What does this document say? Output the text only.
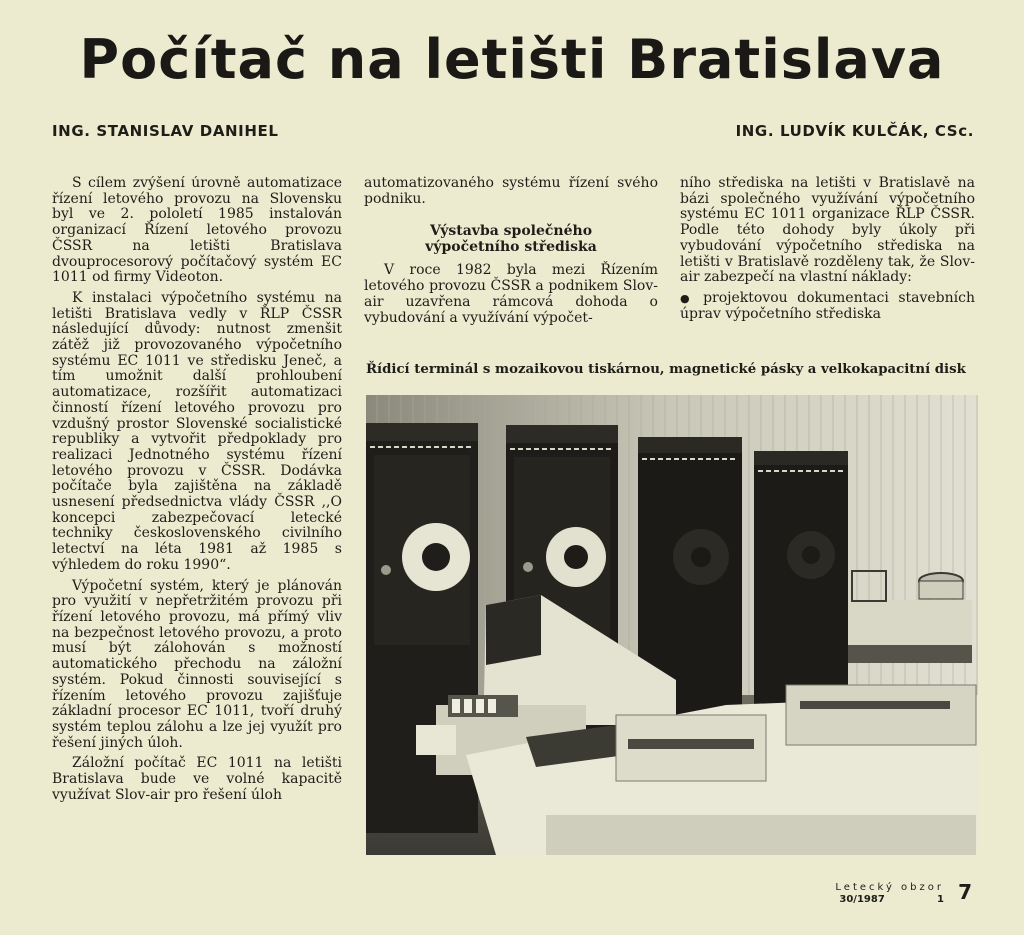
Počítač na letišti Bratislava
ING. STANISLAV DANIHEL	ING. LUDVÍK KULČÁK, CSc.

S cílem zvýšení úrovně automatizace řízení letového provozu na Slovensku byl ve 2. pololetí 1985 instalován organizací Řízení letového provozu ČSSR na letišti Bratislava dvouprocesorový počítačový systém EC 1011 od firmy Videoton.

K instalaci výpočetního systému na letišti Bratislava vedly v ŘLP ČSSR následující důvody: nutnost zmenšit zátěž již provozovaného výpočetního systému EC 1011 ve středisku Jeneč, a tím umožnit další prohloubení automatizace, rozšířit automatizaci činností řízení letového provozu pro vzdušný prostor Slovenské socialistické republiky a vytvořit předpoklady pro realizaci Jednotného systému řízení letového provozu v ČSSR. Dodávka počítače byla zajištěna na základě usnesení předsednictva vlády ČSSR ,,O koncepci zabezpečovací letecké techniky československého civilního letectví na léta 1981 až 1985 s výhledem do roku 1990“.

Výpočetní systém, který je plánován pro využití v nepřetržitém provozu při řízení letového provozu, má přímý vliv na bezpečnost letového provozu, a proto musí být zálohován s možností automatického přechodu na záložní systém. Pokud činnosti související s řízením letového provozu zajišťuje základní procesor EC 1011, tvoří druhý systém teplou zálohu a lze jej využít pro řešení jiných úloh.

Záložní počítač EC 1011 na letišti Bratislava bude ve volné kapacitě využívat Slov-air pro řešení úloh

automatizovaného systému řízení svého podniku.

Výstavba společného
výpočetního střediska

V roce 1982 byla mezi Řízením letového provozu ČSSR a podnikem Slov-air uzavřena rámcová dohoda o vybudování a využívání výpočet-

ního střediska na letišti v Bratislavě na bázi společného využívání výpočetního systému EC 1011 organizace ŘLP ČSSR. Podle této dohody byly úkoly při vybudování výpočetního střediska na letišti v Bratislavě rozděleny tak, že Slov-air zabezpečí na vlastní náklady:

● projektovou dokumentaci stavebních úprav výpočetního střediska

Řídicí terminál s mozaikovou tiskárnou, magnetické pásky a velkokapacitní disk
Letecký obzor
30/1987	1 7
